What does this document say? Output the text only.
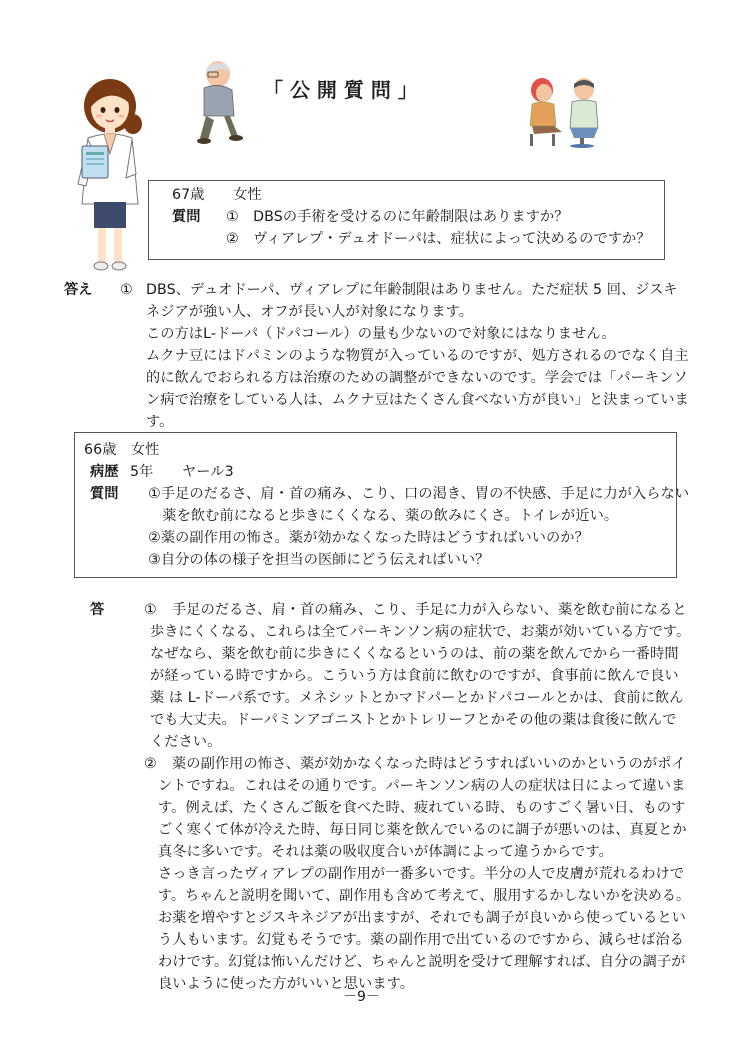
「 公 開 質 問 」
67歳　　女性
質問 ①　DBSの手術を受けるのに年齢制限はありますか？
②　ヴィアレプ・デュオドーパは、症状によって決めるのですか？
答え ① DBS、デュオドーパ、ヴィアレプに年齢制限はありません。ただ症状 5 回、ジスキ
ネジアが強い人、オフが長い人が対象になります。
この方はL-ドーパ（ドパコール）の量も少ないので対象にはなりません。
ムクナ豆にはドパミンのような物質が入っているのですが、処方されるのでなく自主
的に飲んでおられる方は治療のための調整ができないのです。学会では「パーキンソ
ン病で治療をしている人は、ムクナ豆はたくさん食べない方が良い」と決まっていま
す。
66歳　女性
病歴 5年　　ヤール3
質問 ①手足のだるさ、肩・首の痛み、こり、口の渇き、胃の不快感、手足に力が入らない
　薬を飲む前になると歩きにくくなる、薬の飲みにくさ。トイレが近い。
②薬の副作用の怖さ。薬が効かなくなった時はどうすればいいのか？
③自分の体の様子を担当の医師にどう伝えればいい？
答	① 手足のだるさ、肩・首の痛み、こり、手足に力が入らない、薬を飲む前になると
歩きにくくなる、これらは全てパーキンソン病の症状で、お薬が効いている方です。
なぜなら、薬を飲む前に歩きにくくなるというのは、前の薬を飲んでから一番時間
が経っている時ですから。こういう方は食前に飲むのですが、食事前に飲んで良い
薬 は L-ドーパ系です。メネシットとかマドパーとかドパコールとかは、食前に飲ん
でも大丈夫。ドーパミンアゴニストとかトレリーフとかその他の薬は食後に飲んで
ください。
② 薬の副作用の怖さ、薬が効かなくなった時はどうすればいいのかというのがポイ
ントですね。これはその通りです。パーキンソン病の人の症状は日によって違いま
す。例えば、たくさんご飯を食べた時、疲れている時、ものすごく暑い日、ものす
ごく寒くて体が冷えた時、毎日同じ薬を飲んでいるのに調子が悪いのは、真夏とか
真冬に多いです。それは薬の吸収度合いが体調によって違うからです。
さっき言ったヴィアレプの副作用が一番多いです。半分の人で皮膚が荒れるわけで
す。ちゃんと説明を聞いて、副作用も含めて考えて、服用するかしないかを決める。
お薬を増やすとジスキネジアが出ますが、それでも調子が良いから使っているとい
う人もいます。幻覚もそうです。薬の副作用で出ているのですから、減らせば治る
わけです。幻覚は怖いんだけど、ちゃんと説明を受けて理解すれば、自分の調子が
良いように使った方がいいと思います。
－9－
